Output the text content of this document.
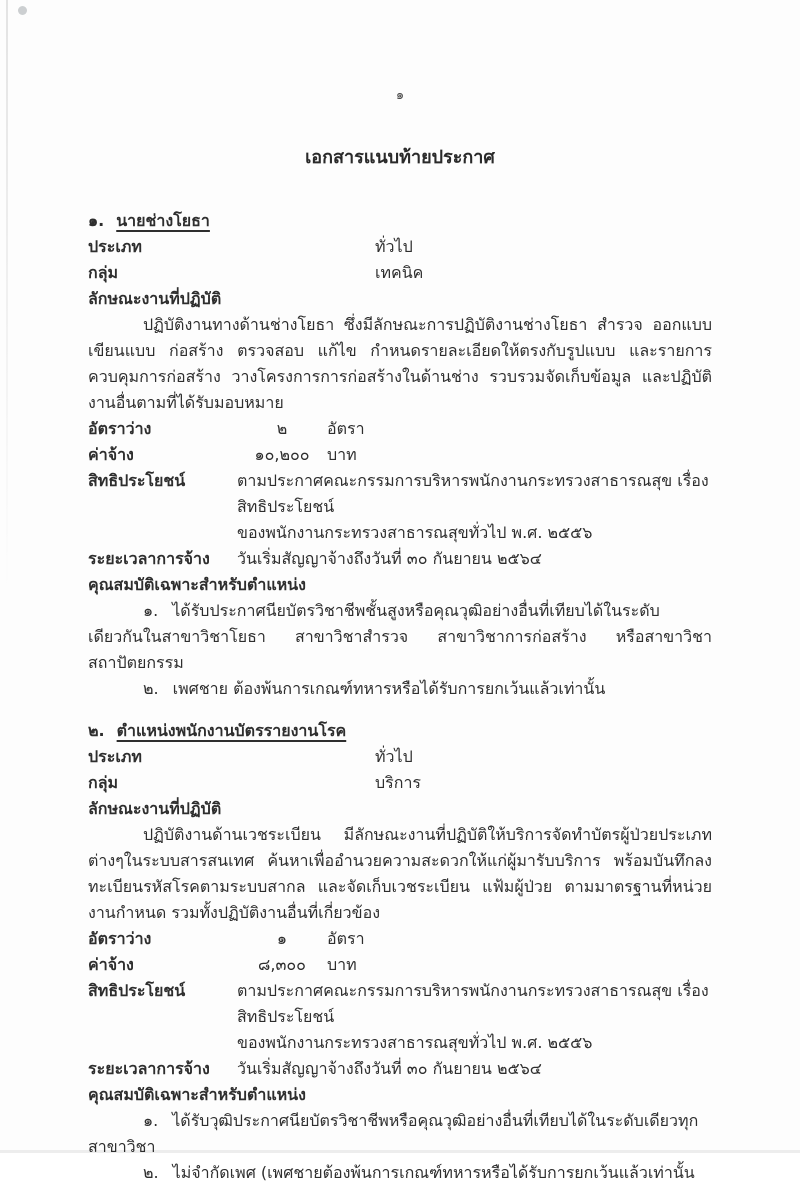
๑
เอกสารแนบท้ายประกาศ
๑. นายช่างโยธา
ประเภท	ทั่วไป
กลุ่ม	เทคนิค
ลักษณะงานที่ปฏิบัติ

ปฏิบัติงานทางด้านช่างโยธา ซึ่งมีลักษณะการปฏิบัติงานช่างโยธา สำรวจ ออกแบบ เขียนแบบ ก่อสร้าง ตรวจสอบ แก้ไข กำหนดรายละเอียดให้ตรงกับรูปแบบ และรายการควบคุมการก่อสร้าง วางโครงการการก่อสร้างในด้านช่าง รวบรวมจัดเก็บข้อมูล และปฏิบัติงานอื่นตามที่ได้รับมอบหมาย

อัตราว่าง	๒	อัตรา
ค่าจ้าง	๑๐,๒๐๐	บาท
สิทธิประโยชน์	ตามประกาศคณะกรรมการบริหารพนักงานกระทรวงสาธารณสุข เรื่อง สิทธิประโยชน์
ของพนักงานกระทรวงสาธารณสุขทั่วไป พ.ศ. ๒๕๕๖
ระยะเวลาการจ้าง	วันเริ่มสัญญาจ้างถึงวันที่ ๓๐ กันยายน ๒๕๖๔
คุณสมบัติเฉพาะสำหรับตำแหน่ง
๑. ได้รับประกาศนียบัตรวิชาชีพชั้นสูงหรือคุณวุฒิอย่างอื่นที่เทียบได้ในระดับเดียวกันในสาขาวิชาโยธา สาขาวิชาสำรวจ สาขาวิชาการก่อสร้าง หรือสาขาวิชาสถาปัตยกรรม
๒. เพศชาย ต้องพ้นการเกณฑ์ทหารหรือได้รับการยกเว้นแล้วเท่านั้น
๒. ตำแหน่งพนักงานบัตรรายงานโรค
ประเภท	ทั่วไป
กลุ่ม	บริการ
ลักษณะงานที่ปฏิบัติ

ปฏิบัติงานด้านเวชระเบียน มีลักษณะงานที่ปฏิบัติให้บริการจัดทำบัตรผู้ป่วยประเภทต่างๆในระบบสารสนเทศ ค้นหาเพื่ออำนวยความสะดวกให้แก่ผู้มารับบริการ พร้อมบันทึกลงทะเบียนรหัสโรคตามระบบสากล และจัดเก็บเวชระเบียน แฟ้มผู้ป่วย ตามมาตรฐานที่หน่วยงานกำหนด รวมทั้งปฏิบัติงานอื่นที่เกี่ยวข้อง

อัตราว่าง	๑	อัตรา
ค่าจ้าง	๘,๓๐๐	บาท
สิทธิประโยชน์	ตามประกาศคณะกรรมการบริหารพนักงานกระทรวงสาธารณสุข เรื่อง สิทธิประโยชน์
ของพนักงานกระทรวงสาธารณสุขทั่วไป พ.ศ. ๒๕๕๖
ระยะเวลาการจ้าง	วันเริ่มสัญญาจ้างถึงวันที่ ๓๐ กันยายน ๒๕๖๔
คุณสมบัติเฉพาะสำหรับตำแหน่ง
๑. ได้รับวุฒิประกาศนียบัตรวิชาชีพหรือคุณวุฒิอย่างอื่นที่เทียบได้ในระดับเดียวทุกสาขาวิชา
๒. ไม่จำกัดเพศ (เพศชายต้องพ้นการเกณฑ์ทหารหรือได้รับการยกเว้นแล้วเท่านั้น
